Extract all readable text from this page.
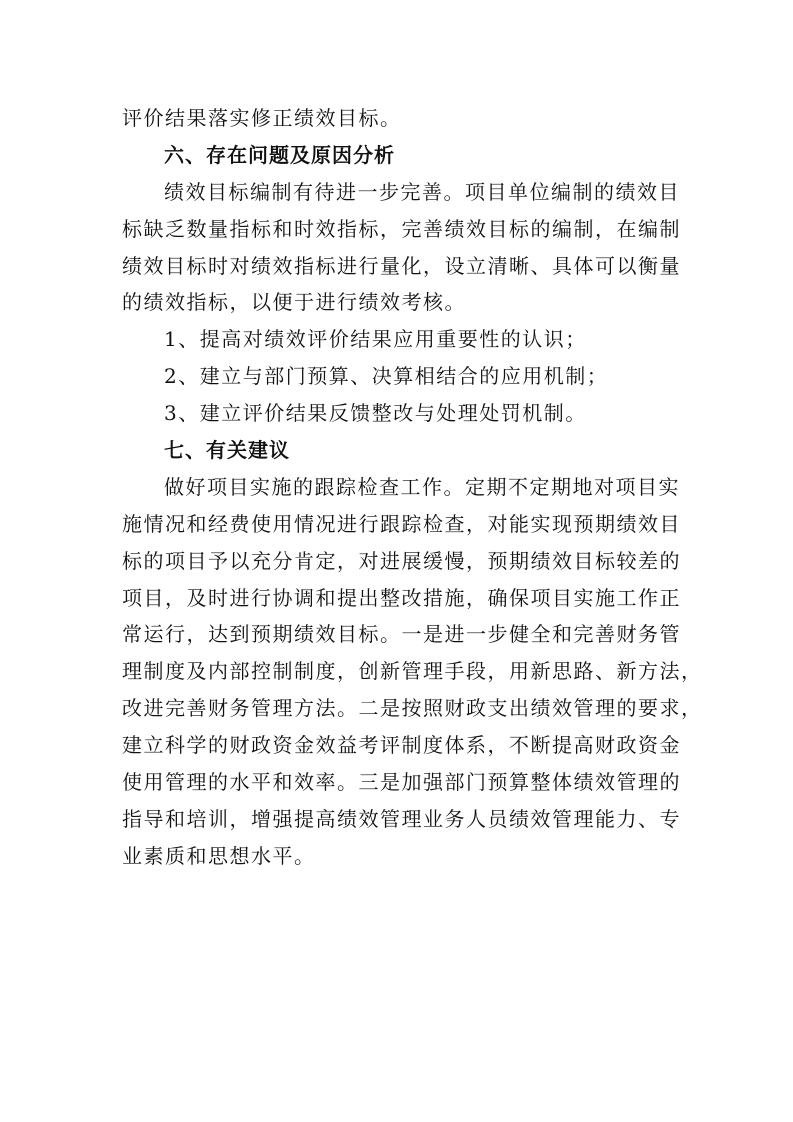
评价结果落实修正绩效目标。
六、存在问题及原因分析
绩效目标编制有待进一步完善。项目单位编制的绩效目
标缺乏数量指标和时效指标，完善绩效目标的编制，在编制
绩效目标时对绩效指标进行量化，设立清晰、具体可以衡量
的绩效指标，以便于进行绩效考核。
1、提高对绩效评价结果应用重要性的认识；
2、建立与部门预算、决算相结合的应用机制；
3、建立评价结果反馈整改与处理处罚机制。
七、有关建议
做好项目实施的跟踪检查工作。定期不定期地对项目实
施情况和经费使用情况进行跟踪检查，对能实现预期绩效目
标的项目予以充分肯定，对进展缓慢，预期绩效目标较差的
项目，及时进行协调和提出整改措施，确保项目实施工作正
常运行，达到预期绩效目标。一是进一步健全和完善财务管
理制度及内部控制制度，创新管理手段，用新思路、新方法，
改进完善财务管理方法。二是按照财政支出绩效管理的要求，
建立科学的财政资金效益考评制度体系，不断提高财政资金
使用管理的水平和效率。三是加强部门预算整体绩效管理的
指导和培训，增强提高绩效管理业务人员绩效管理能力、专
业素质和思想水平。
